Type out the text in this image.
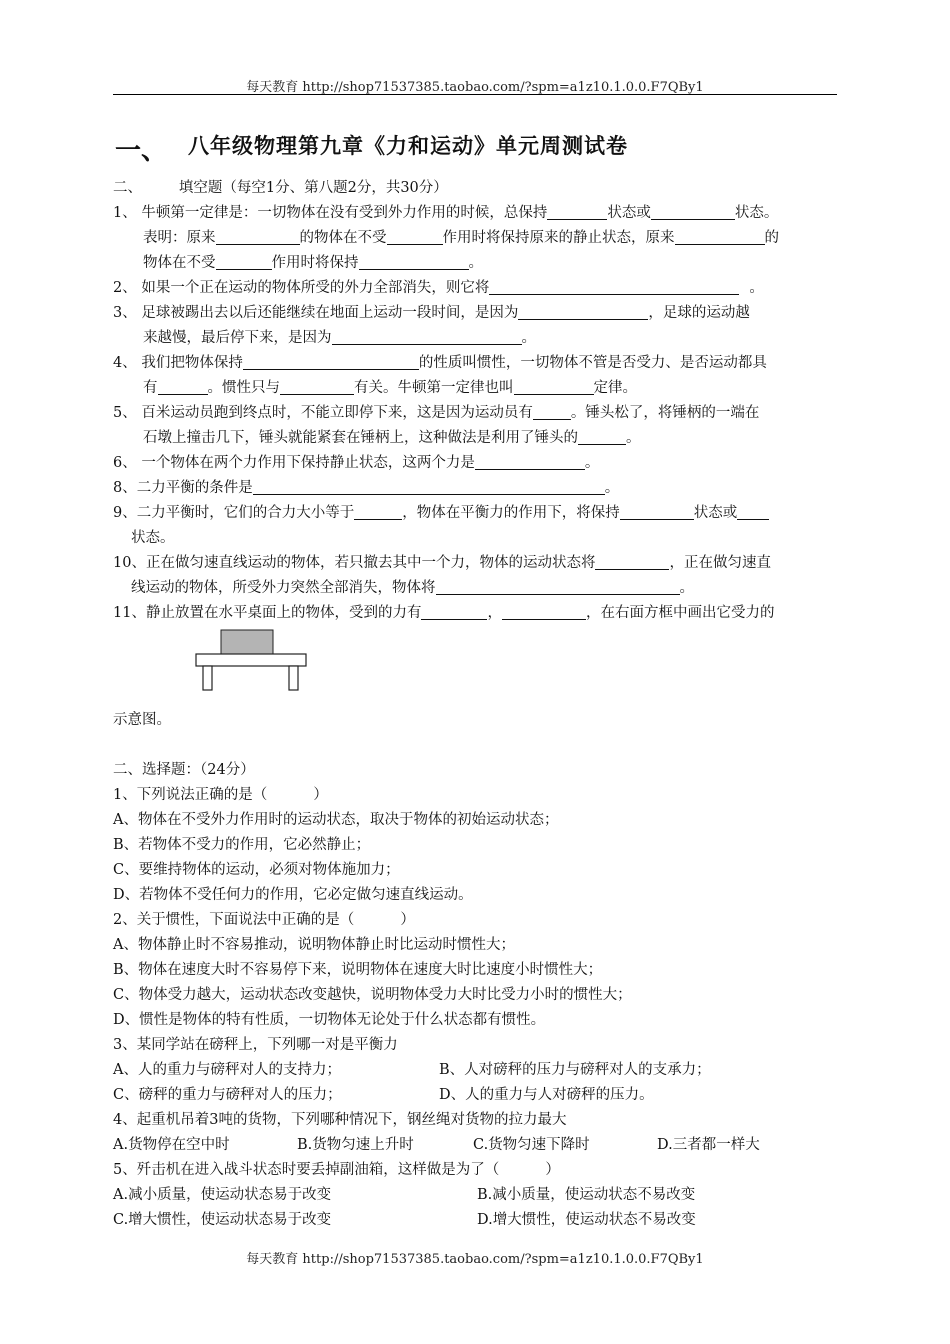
每天教育 http://shop71537385.taobao.com/?spm=a1z10.1.0.0.F7QBy1
一、 八年级物理第九章《力和运动》单元周测试卷
二、        填空题（每空1分、第八题2分，共30分）
1、 牛顿第一定律是：一切物体在没有受到外力作用的时候，总保持	状态或	状态。
表明：原来	的物体在不受	作用时将保持原来的静止状态，原来	的
物体在不受	作用时将保持	。
2、 如果一个正在运动的物体所受的外力全部消失，则它将	。
3、 足球被踢出去以后还能继续在地面上运动一段时间，是因为	，足球的运动越
来越慢，最后停下来，是因为	。
4、 我们把物体保持	的性质叫惯性，一切物体不管是否受力、是否运动都具
有	。惯性只与	有关。牛顿第一定律也叫	定律。
5、 百米运动员跑到终点时，不能立即停下来，这是因为运动员有	。锤头松了，将锤柄的一端在
石墩上撞击几下，锤头就能紧套在锤柄上，这种做法是利用了锤头的	。
6、 一个物体在两个力作用下保持静止状态，这两个力是	。
8、二力平衡的条件是	。
9、二力平衡时，它们的合力大小等于	，物体在平衡力的作用下，将保持	状态或
状态。
10、正在做匀速直线运动的物体，若只撤去其中一个力，物体的运动状态将	，正在做匀速直
线运动的物体，所受外力突然全部消失，物体将	。
11、静止放置在水平桌面上的物体，受到的力有	，	，在右面方框中画出它受力的
示意图。
二、选择题：（24分）
1、下列说法正确的是（          ）
A、物体在不受外力作用时的运动状态，取决于物体的初始运动状态；
B、若物体不受力的作用，它必然静止；
C、要维持物体的运动，必须对物体施加力；
D、若物体不受任何力的作用，它必定做匀速直线运动。
2、关于惯性，下面说法中正确的是（          ）
A、物体静止时不容易推动，说明物体静止时比运动时惯性大；
B、物体在速度大时不容易停下来，说明物体在速度大时比速度小时惯性大；
C、物体受力越大，运动状态改变越快，说明物体受力大时比受力小时的惯性大；
D、惯性是物体的特有性质，一切物体无论处于什么状态都有惯性。
3、某同学站在磅秤上，下列哪一对是平衡力
A、人的重力与磅秤对人的支持力；	B、人对磅秤的压力与磅秤对人的支承力；
C、磅秤的重力与磅秤对人的压力；	D、人的重力与人对磅秤的压力。
4、起重机吊着3吨的货物，下列哪种情况下，钢丝绳对货物的拉力最大
A.货物停在空中时	B.货物匀速上升时	C.货物匀速下降时	D.三者都一样大
5、歼击机在进入战斗状态时要丢掉副油箱，这样做是为了（          ）
A.减小质量，使运动状态易于改变	B.减小质量，使运动状态不易改变
C.增大惯性，使运动状态易于改变	D.增大惯性，使运动状态不易改变
每天教育 http://shop71537385.taobao.com/?spm=a1z10.1.0.0.F7QBy1
